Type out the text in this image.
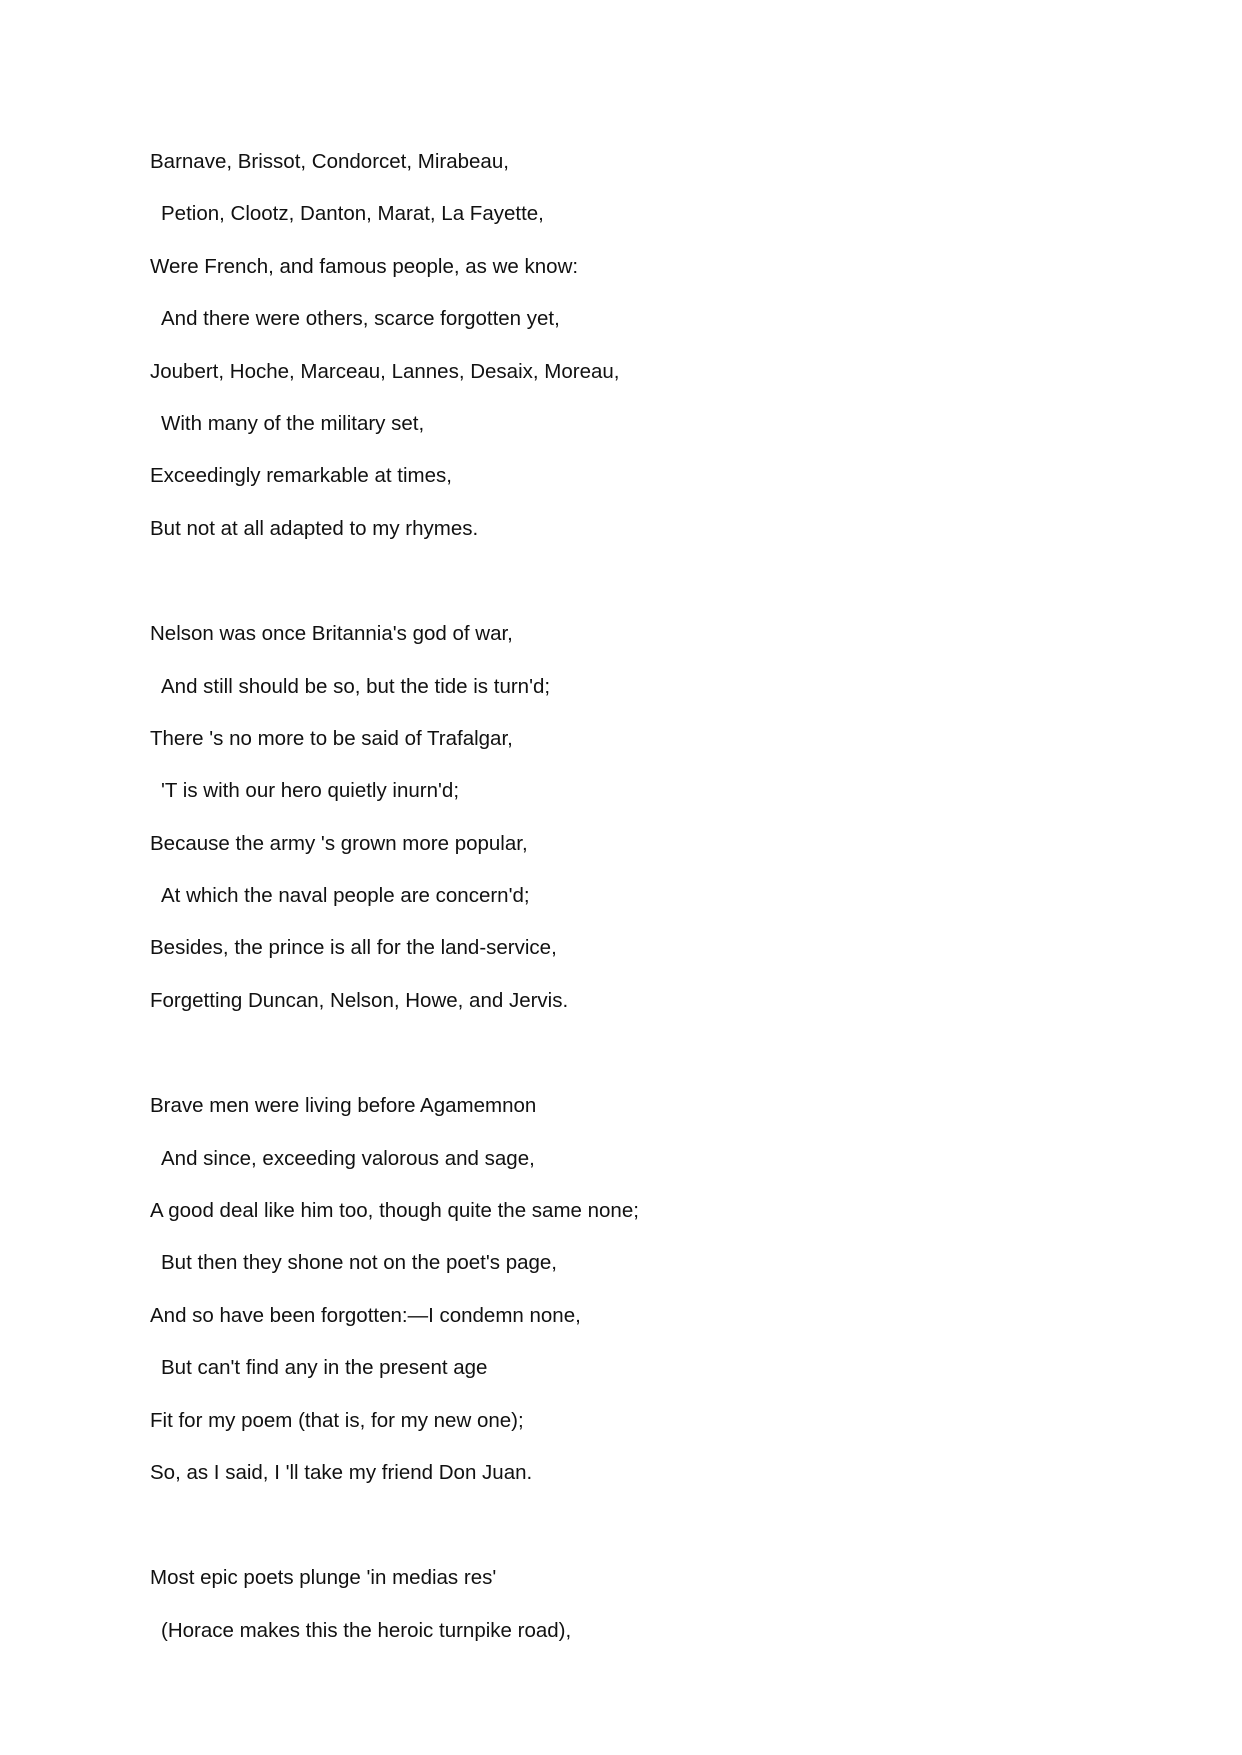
Barnave, Brissot, Condorcet, Mirabeau,
Petion, Clootz, Danton, Marat, La Fayette,
Were French, and famous people, as we know:
And there were others, scarce forgotten yet,
Joubert, Hoche, Marceau, Lannes, Desaix, Moreau,
With many of the military set,
Exceedingly remarkable at times,
But not at all adapted to my rhymes.
Nelson was once Britannia's god of war,
And still should be so, but the tide is turn'd;
There 's no more to be said of Trafalgar,
'T is with our hero quietly inurn'd;
Because the army 's grown more popular,
At which the naval people are concern'd;
Besides, the prince is all for the land-service,
Forgetting Duncan, Nelson, Howe, and Jervis.
Brave men were living before Agamemnon
And since, exceeding valorous and sage,
A good deal like him too, though quite the same none;
But then they shone not on the poet's page,
And so have been forgotten:—I condemn none,
But can't find any in the present age
Fit for my poem (that is, for my new one);
So, as I said, I 'll take my friend Don Juan.
Most epic poets plunge 'in medias res'
(Horace makes this the heroic turnpike road),
